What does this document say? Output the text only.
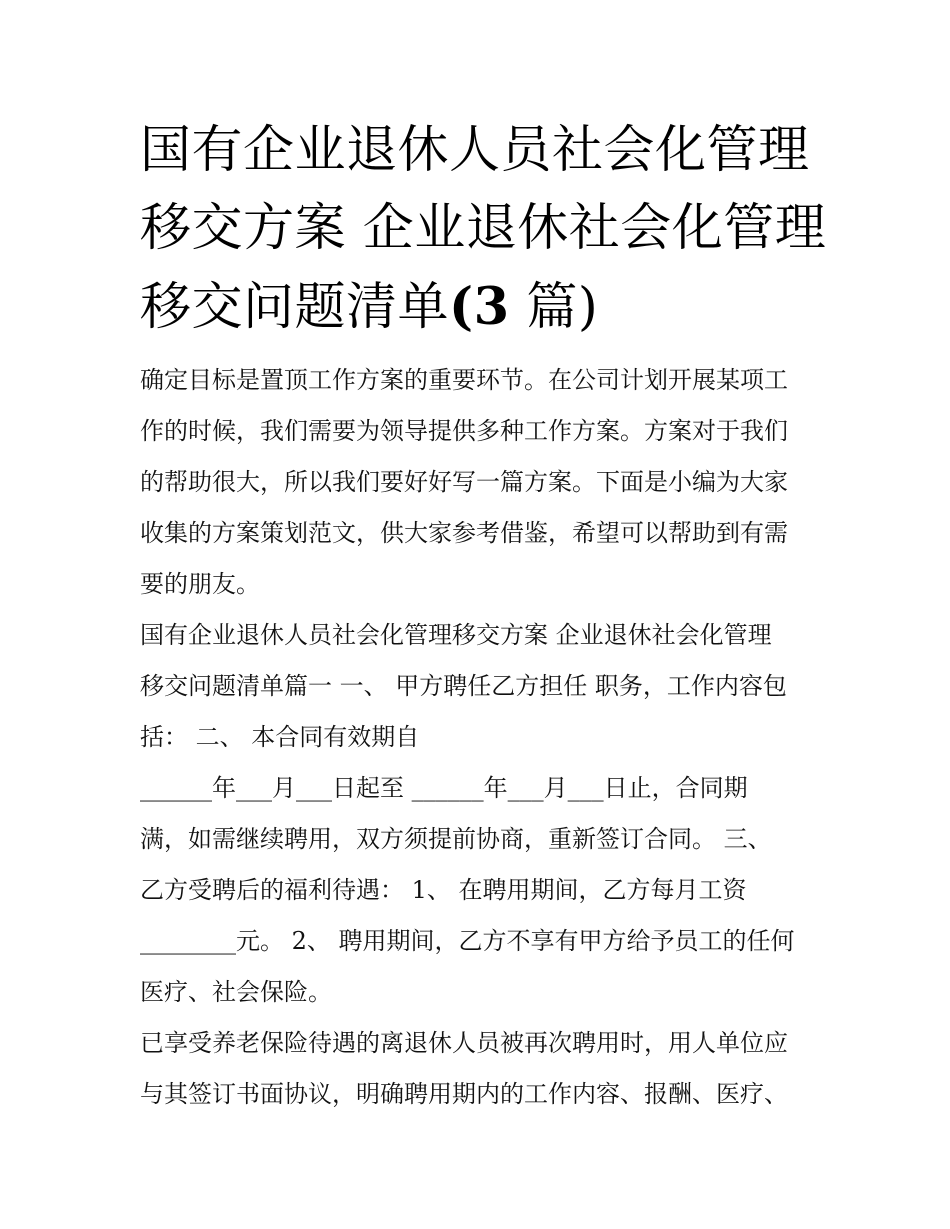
国有企业退休人员社会化管理
移交方案 企业退休社会化管理
移交问题清单(3 篇)

确定目标是置顶工作方案的重要环节。在公司计划开展某项工
作的时候，我们需要为领导提供多种工作方案。方案对于我们
的帮助很大，所以我们要好好写一篇方案。下面是小编为大家
收集的方案策划范文，供大家参考借鉴，希望可以帮助到有需
要的朋友。

国有企业退休人员社会化管理移交方案 企业退休社会化管理
移交问题清单篇一 一、 甲方聘任乙方担任 职务，工作内容包
括： 二、 本合同有效期自
______年___月___日起至 ______年___月___日止，合同期
满，如需继续聘用，双方须提前协商，重新签订合同。 三、
乙方受聘后的福利待遇： 1、 在聘用期间，乙方每月工资
________元。 2、 聘用期间，乙方不享有甲方给予员工的任何
医疗、社会保险。

已享受养老保险待遇的离退休人员被再次聘用时，用人单位应
与其签订书面协议，明确聘用期内的工作内容、报酬、医疗、
